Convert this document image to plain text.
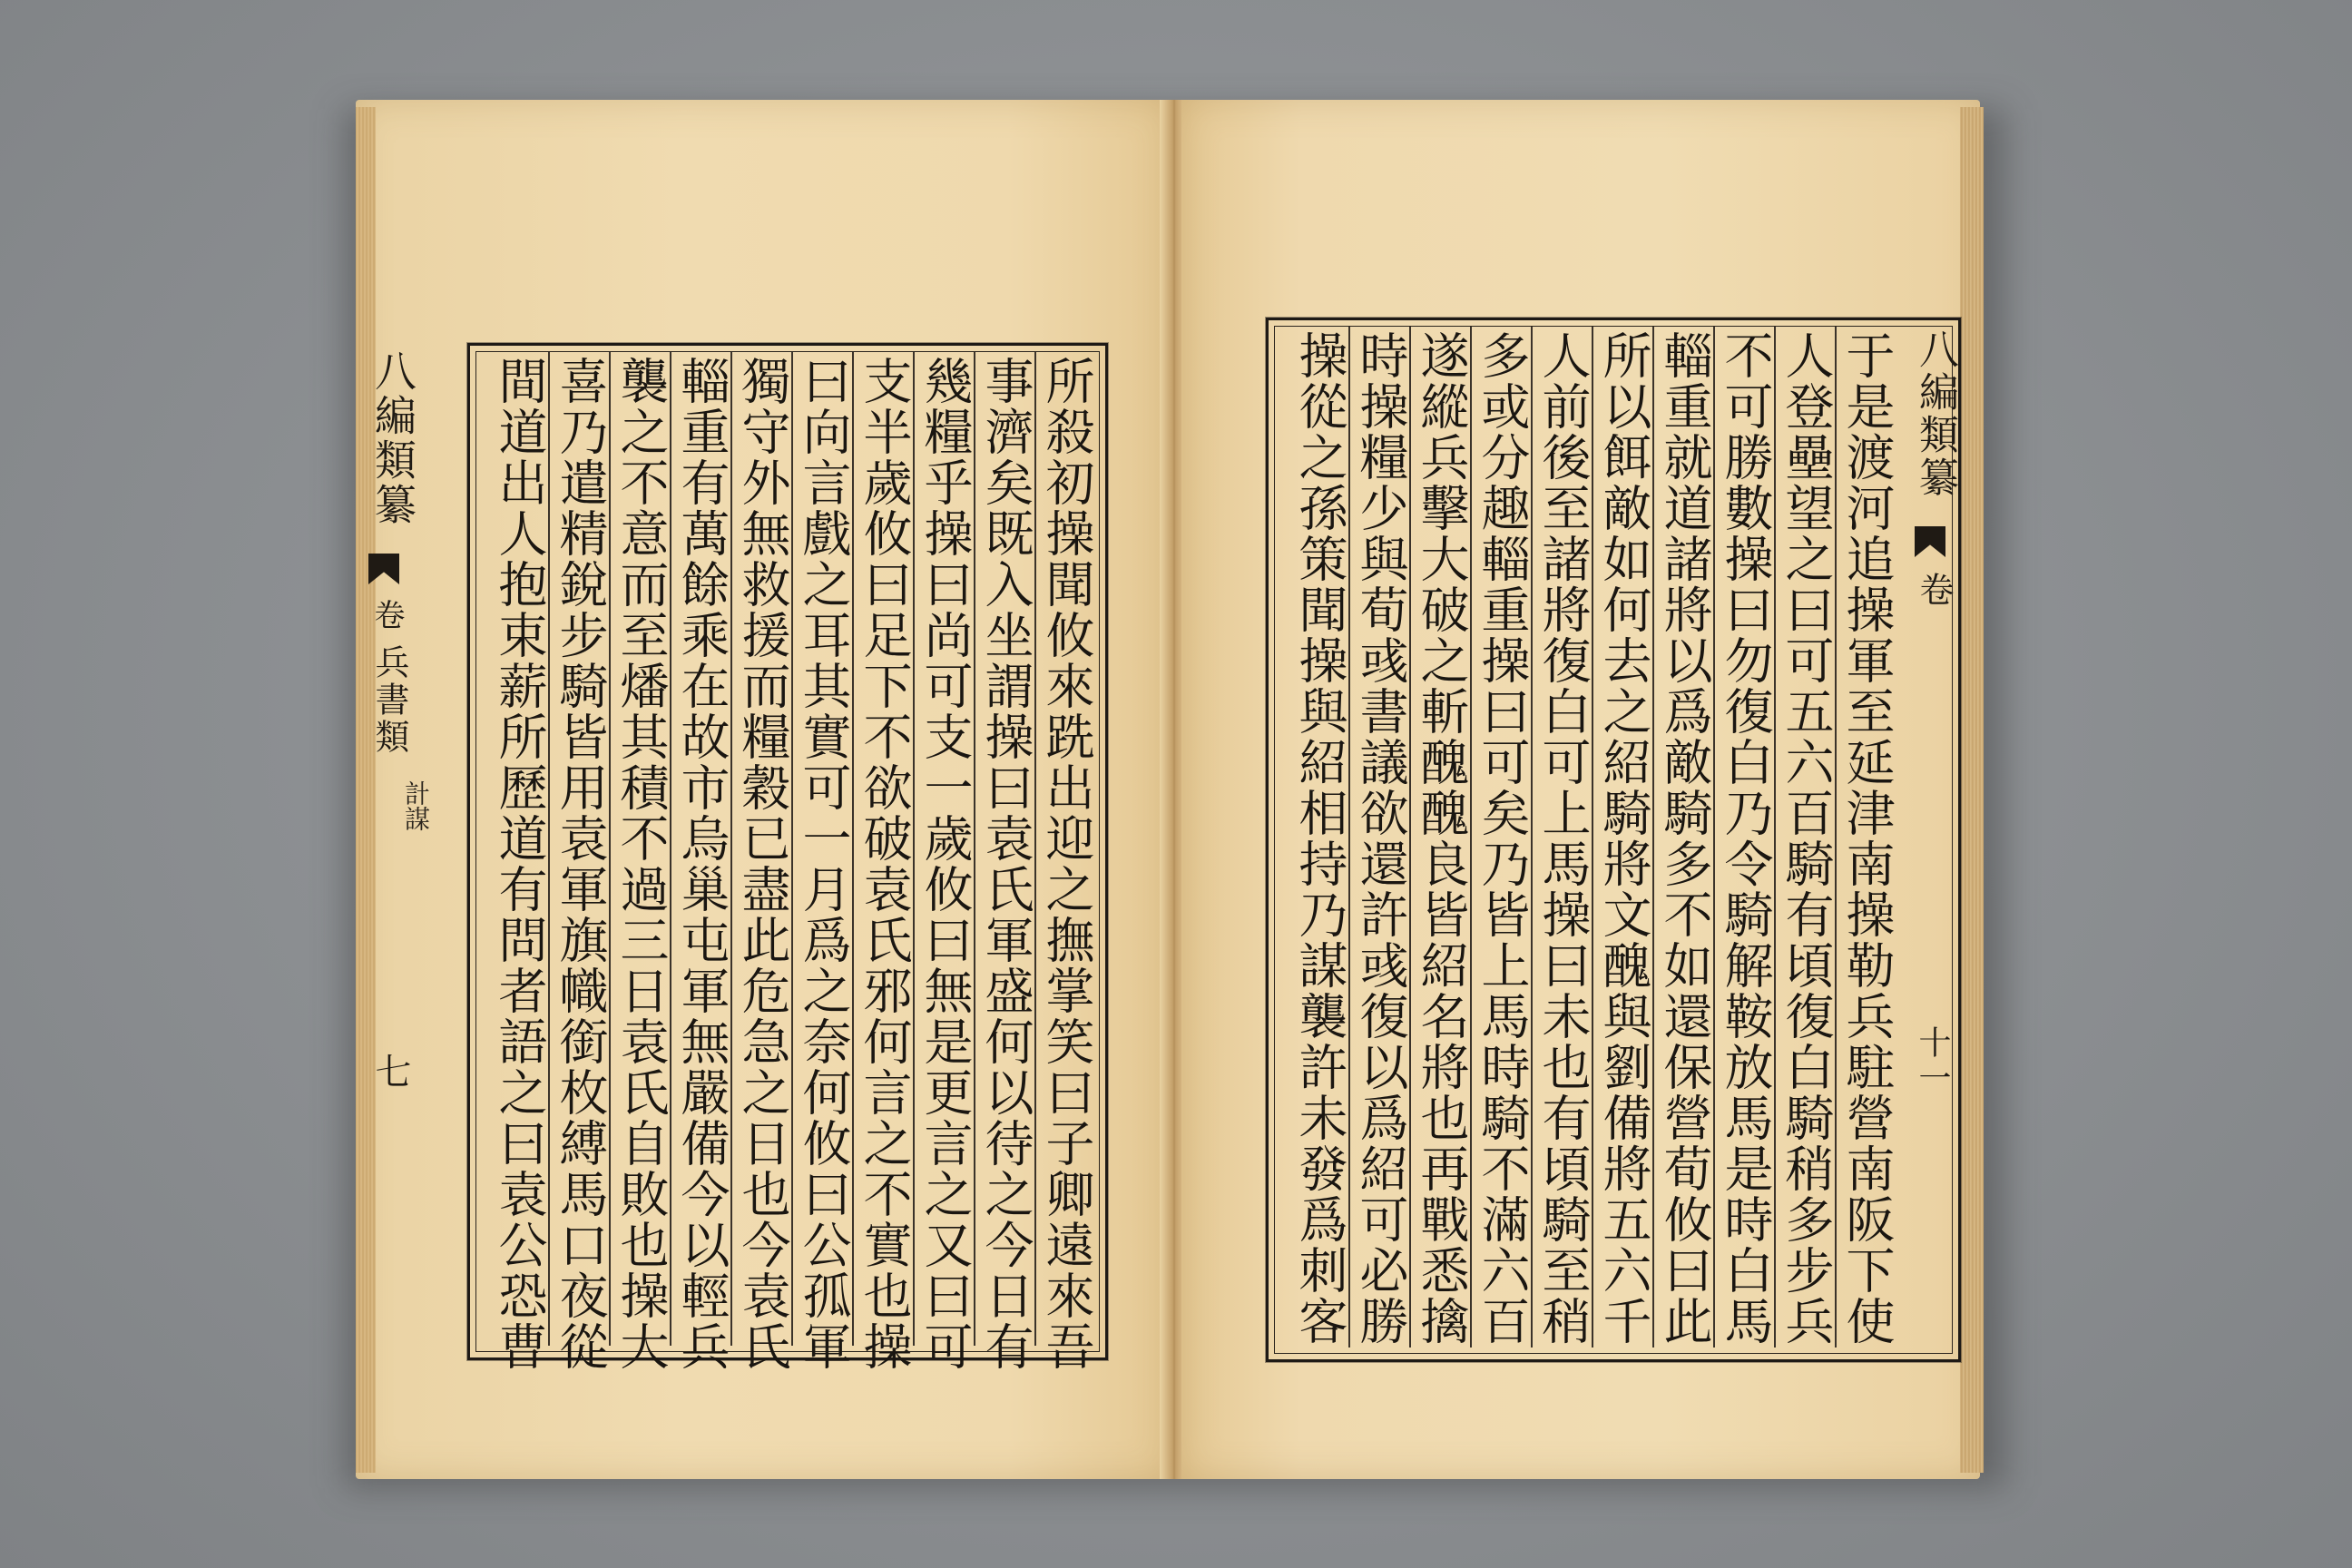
八編類纂
卷
兵書類
計謀
七	所殺初操聞攸來跣出迎之撫掌笑曰子卿遠來吾
事濟矣既入坐謂操曰袁氏軍盛何以待之今日有
幾糧乎操曰尚可支一歲攸曰無是更言之又曰可
支半歲攸曰足下不欲破袁氏邪何言之不實也操
曰向言戲之耳其實可一月爲之奈何攸曰公孤軍
獨守外無救援而糧穀已盡此危急之日也今袁氏
輜重有萬餘乘在故市烏巢屯軍無嚴備今以輕兵
襲之不意而至燔其積不過三日袁氏自敗也操大
喜乃遣精銳步騎皆用袁軍旗幟銜枚縛馬口夜從
間道出人抱束薪所歷道有問者語之曰袁公恐曹	八編類纂
卷
十一
于是渡河追操軍至延津南操勒兵駐營南阪下使
人登壘望之曰可五六百騎有頃復白騎稍多步兵
不可勝數操曰勿復白乃令騎解鞍放馬是時白馬
輜重就道諸將以爲敵騎多不如還保營荀攸曰此
所以餌敵如何去之紹騎將文醜與劉備將五六千
人前後至諸將復白可上馬操曰未也有頃騎至稍
多或分趣輜重操曰可矣乃皆上馬時騎不滿六百
遂縱兵擊大破之斬醜醜良皆紹名將也再戰悉擒
時操糧少與荀彧書議欲還許彧復以爲紹可必勝
操從之孫策聞操與紹相持乃謀襲許未發爲刺客
